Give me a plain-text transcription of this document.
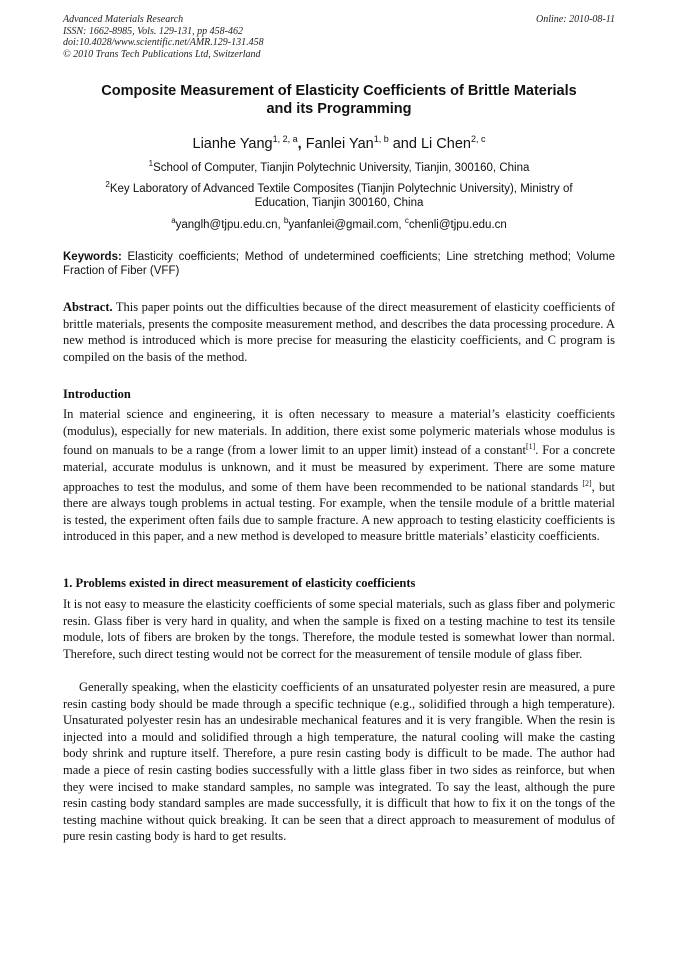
Advanced Materials Research
ISSN: 1662-8985, Vols. 129-131, pp 458-462
doi:10.4028/www.scientific.net/AMR.129-131.458
© 2010 Trans Tech Publications Ltd, Switzerland
Online: 2010-08-11
Composite Measurement of Elasticity Coefficients of Brittle Materials
and its Programming
Lianhe Yang$^{1, 2, a}$, Fanlei Yan$^{1, b}$ and Li Chen$^{2, c}$
$^1$School of Computer, Tianjin Polytechnic University, Tianjin, 300160, China
$^2$Key Laboratory of Advanced Textile Composites (Tianjin Polytechnic University), Ministry of Education, Tianjin 300160, China
$^a$yanglh@tjpu.edu.cn, $^b$yanfanlei@gmail.com, $^c$chenli@tjpu.edu.cn
Keywords: Elasticity coefficients; Method of undetermined coefficients; Line stretching method; Volume Fraction of Fiber (VFF)
Abstract. This paper points out the difficulties because of the direct measurement of elasticity coefficients of brittle materials, presents the composite measurement method, and describes the data processing procedure. A new method is introduced which is more precise for measuring the elasticity coefficients, and C program is compiled on the basis of the method.
Introduction
In material science and engineering, it is often necessary to measure a material’s elasticity coefficients (modulus), especially for new materials. In addition, there exist some polymeric materials whose modulus is found on manuals to be a range (from a lower limit to an upper limit) instead of a constant[1]. For a concrete material, accurate modulus is unknown, and it must be measured by experiment. There are some mature approaches to test the modulus, and some of them have been recommended to be national standards [2], but there are always tough problems in actual testing. For example, when the tensile module of a brittle material is tested, the experiment often fails due to sample fracture. A new approach to testing elasticity coefficients is introduced in this paper, and a new method is developed to measure brittle materials’ elasticity coefficients.
1. Problems existed in direct measurement of elasticity coefficients
It is not easy to measure the elasticity coefficients of some special materials, such as glass fiber and polymeric resin. Glass fiber is very hard in quality, and when the sample is fixed on a testing machine to test its tensile module, lots of fibers are broken by the tongs. Therefore, the module tested is somewhat lower than normal. Therefore, such direct testing would not be correct for the measurement of tensile module of glass fiber.
Generally speaking, when the elasticity coefficients of an unsaturated polyester resin are measured, a pure resin casting body should be made through a specific technique (e.g., solidified through a high temperature). Unsaturated polyester resin has an undesirable mechanical features and it is very frangible. When the resin is injected into a mould and solidified through a high temperature, the natural cooling will make the casting body shrink and rupture itself. Therefore, a pure resin casting body is difficult to be made. The author had made a piece of resin casting bodies successfully with a little glass fiber in two sides as reinforce, but when they were incised to make standard samples, no sample was integrated. To say the least, although the pure resin casting body standard samples are made successfully, it is difficult that how to fix it on the tongs of the testing machine without quick breaking. It can be seen that a direct approach to measurement of modulus of pure resin casting body is hard to get results.
